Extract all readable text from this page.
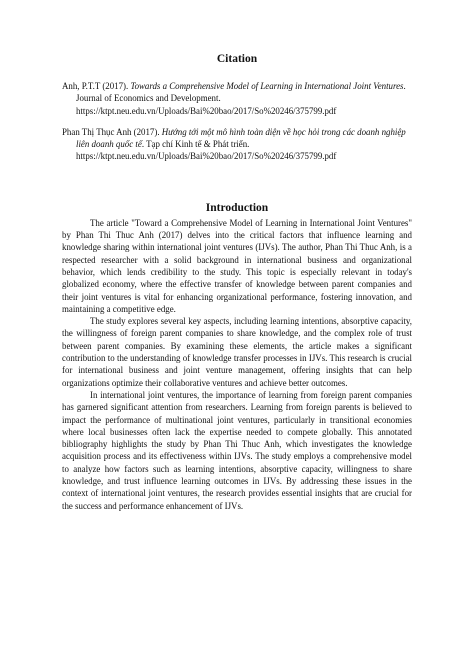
Citation

Anh, P.T.T (2017). Towards a Comprehensive Model of Learning in International Joint Ventures. Journal of Economics and Development. https://ktpt.neu.edu.vn/Uploads/Bai%20bao/2017/So%20246/375799.pdf

Phan Thị Thục Anh (2017). Hướng tới một mô hình toàn diện về học hỏi trong các doanh nghiệp liên doanh quốc tế. Tạp chí Kinh tế & Phát triển. https://ktpt.neu.edu.vn/Uploads/Bai%20bao/2017/So%20246/375799.pdf

Introduction

The article "Toward a Comprehensive Model of Learning in International Joint Ventures" by Phan Thi Thuc Anh (2017) delves into the critical factors that influence learning and knowledge sharing within international joint ventures (IJVs). The author, Phan Thi Thuc Anh, is a respected researcher with a solid background in international business and organizational behavior, which lends credibility to the study. This topic is especially relevant in today's globalized economy, where the effective transfer of knowledge between parent companies and their joint ventures is vital for enhancing organizational performance, fostering innovation, and maintaining a competitive edge.

The study explores several key aspects, including learning intentions, absorptive capacity, the willingness of foreign parent companies to share knowledge, and the complex role of trust between parent companies. By examining these elements, the article makes a significant contribution to the understanding of knowledge transfer processes in IJVs. This research is crucial for international business and joint venture management, offering insights that can help organizations optimize their collaborative ventures and achieve better outcomes.

In international joint ventures, the importance of learning from foreign parent companies has garnered significant attention from researchers. Learning from foreign parents is believed to impact the performance of multinational joint ventures, particularly in transitional economies where local businesses often lack the expertise needed to compete globally. This annotated bibliography highlights the study by Phan Thi Thuc Anh, which investigates the knowledge acquisition process and its effectiveness within IJVs. The study employs a comprehensive model to analyze how factors such as learning intentions, absorptive capacity, willingness to share knowledge, and trust influence learning outcomes in IJVs. By addressing these issues in the context of international joint ventures, the research provides essential insights that are crucial for the success and performance enhancement of IJVs.
